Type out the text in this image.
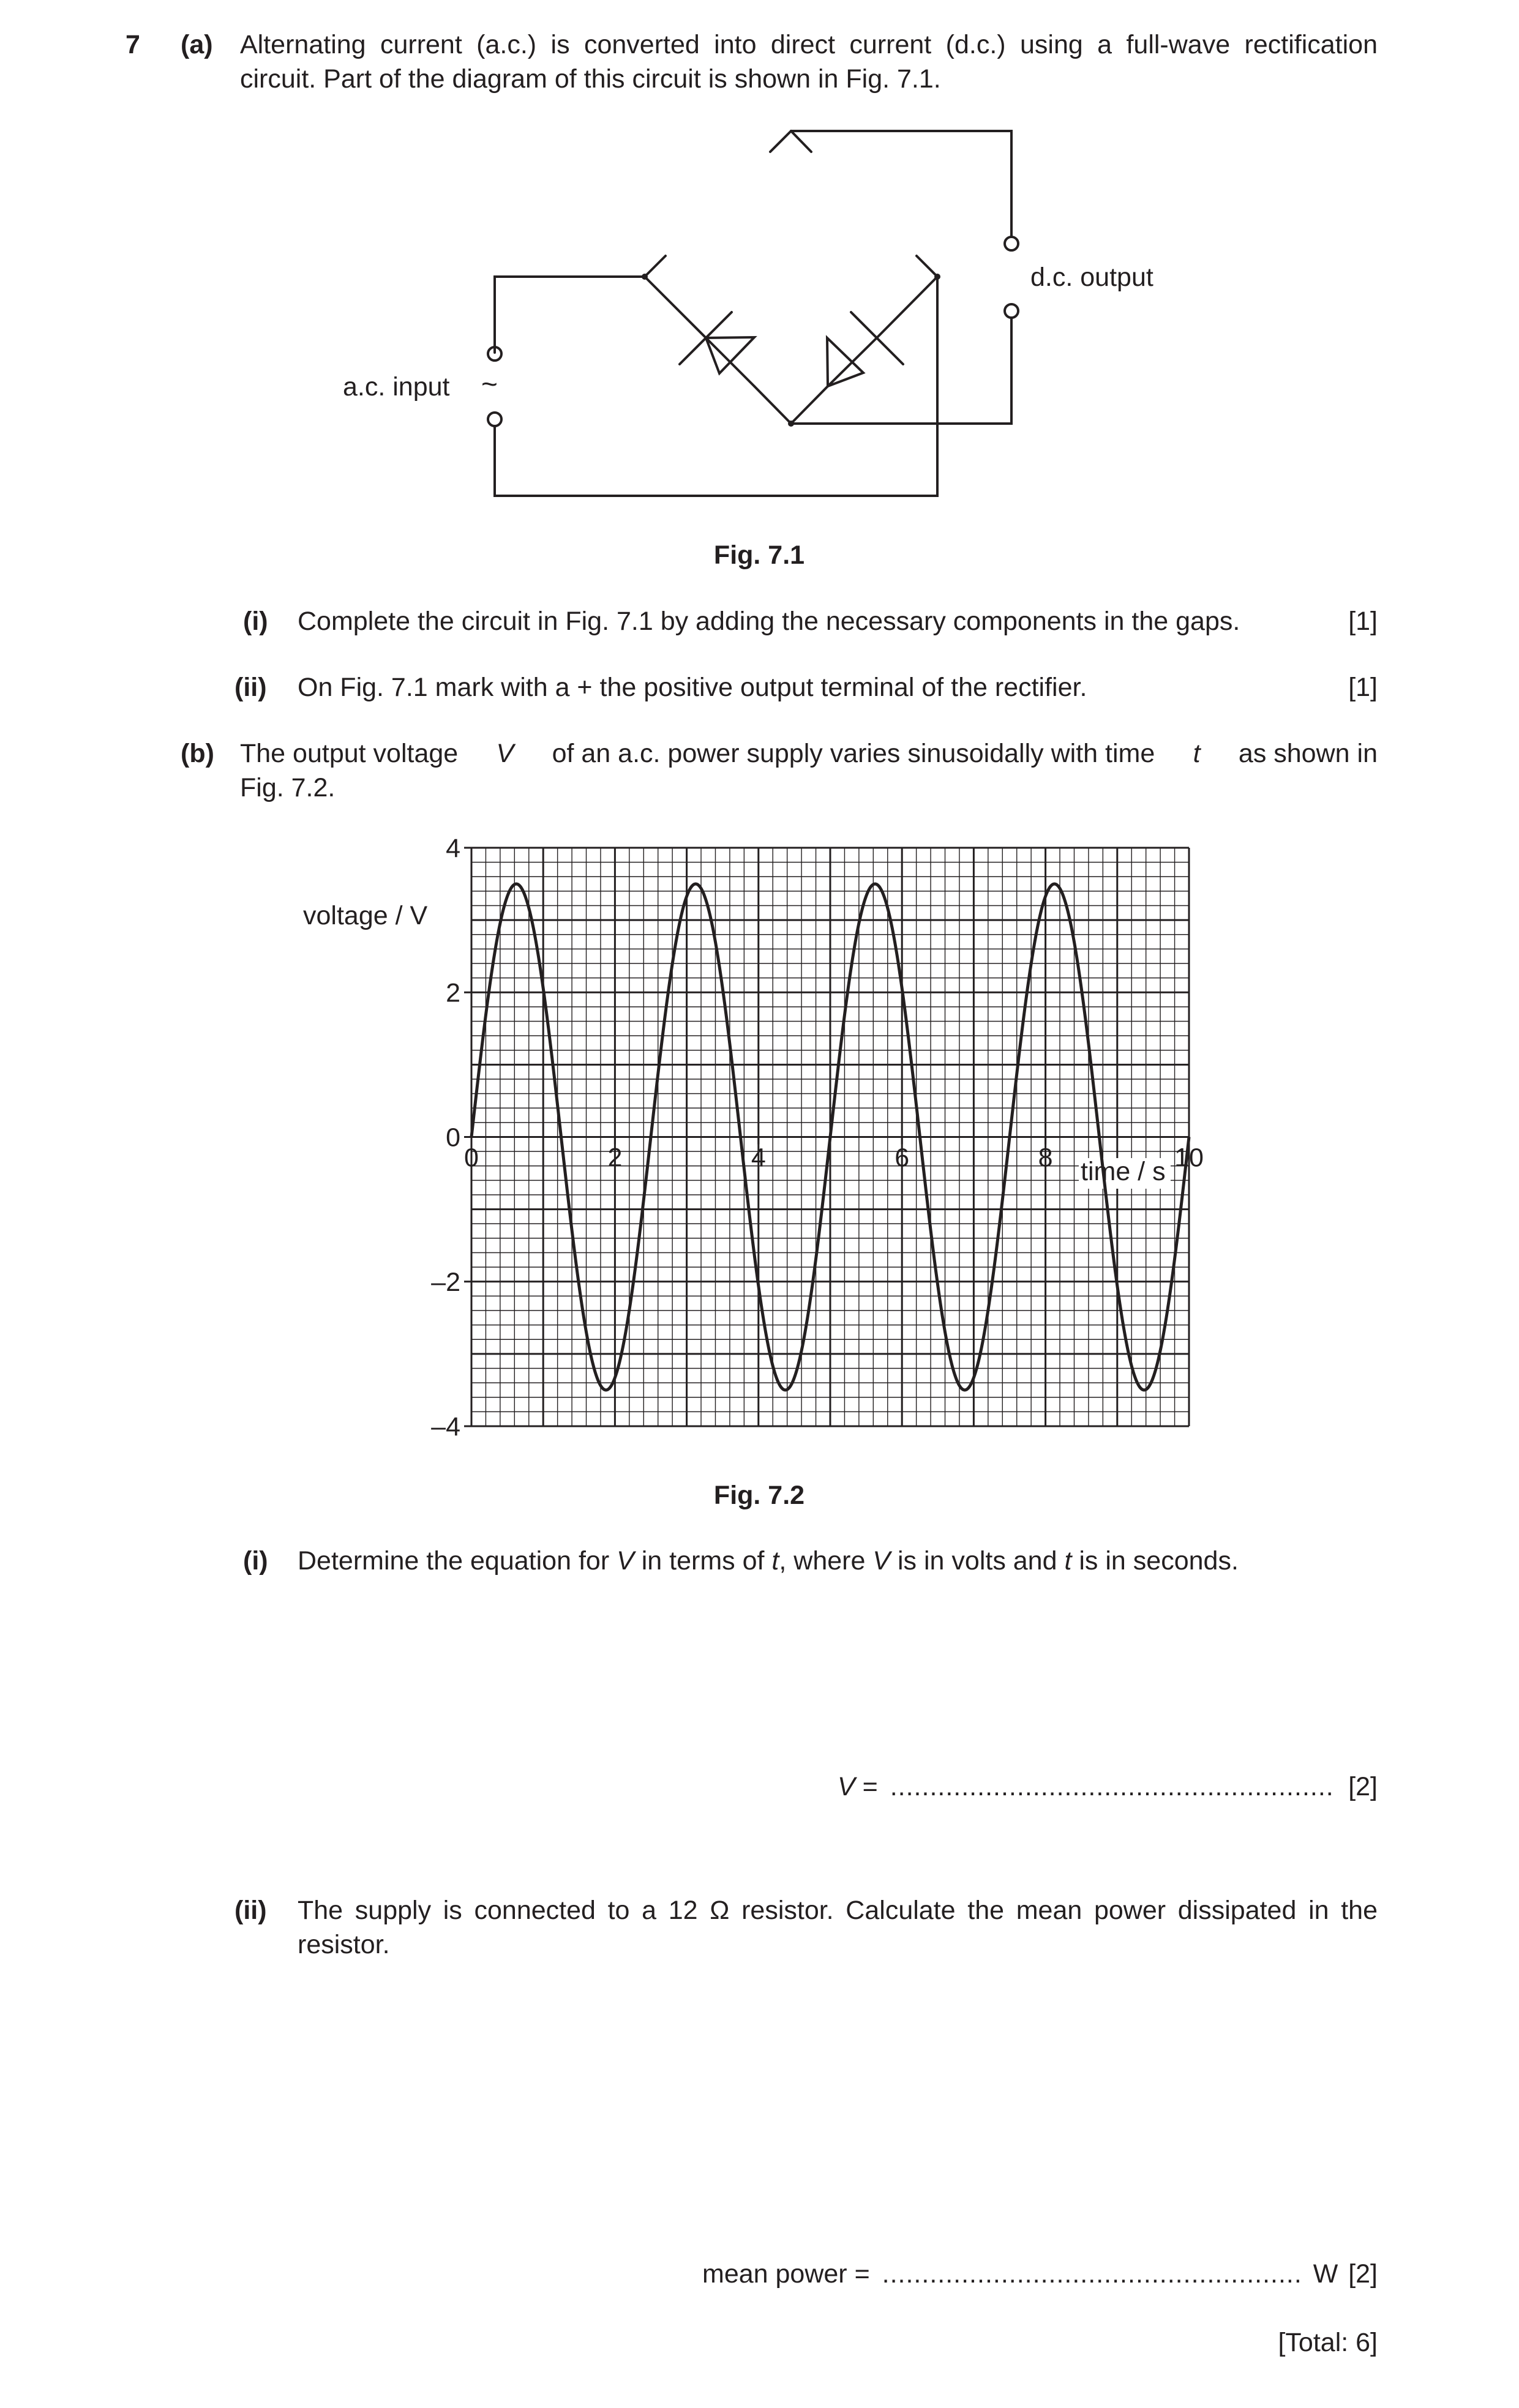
7 (a) Alternating current (a.c.) is converted into direct current (d.c.) using a full-wave rectification
circuit. Part of the diagram of this circuit is shown in Fig. 7.1.
a.c. input ~
d.c. output
Fig. 7.1
(i) Complete the circuit in Fig. 7.1 by adding the necessary components in the gaps.	[1]
(ii) On Fig. 7.1 mark with a + the positive output terminal of the rectifier.	[1]
(b) The output voltage V of an a.c. power supply varies sinusoidally with time t as shown in
Fig. 7.2.
4
2
0
–2
–4
0	2	4	6	8	10
voltage / V
time / s
Fig. 7.2
(i) Determine the equation for V in terms of t, where V is in volts and t is in seconds.
V = ........................................................ [2]
(ii) The supply is connected to a 12 Ω resistor. Calculate the mean power dissipated in the
resistor.
mean power = ..................................................... W [2]
[Total: 6]
